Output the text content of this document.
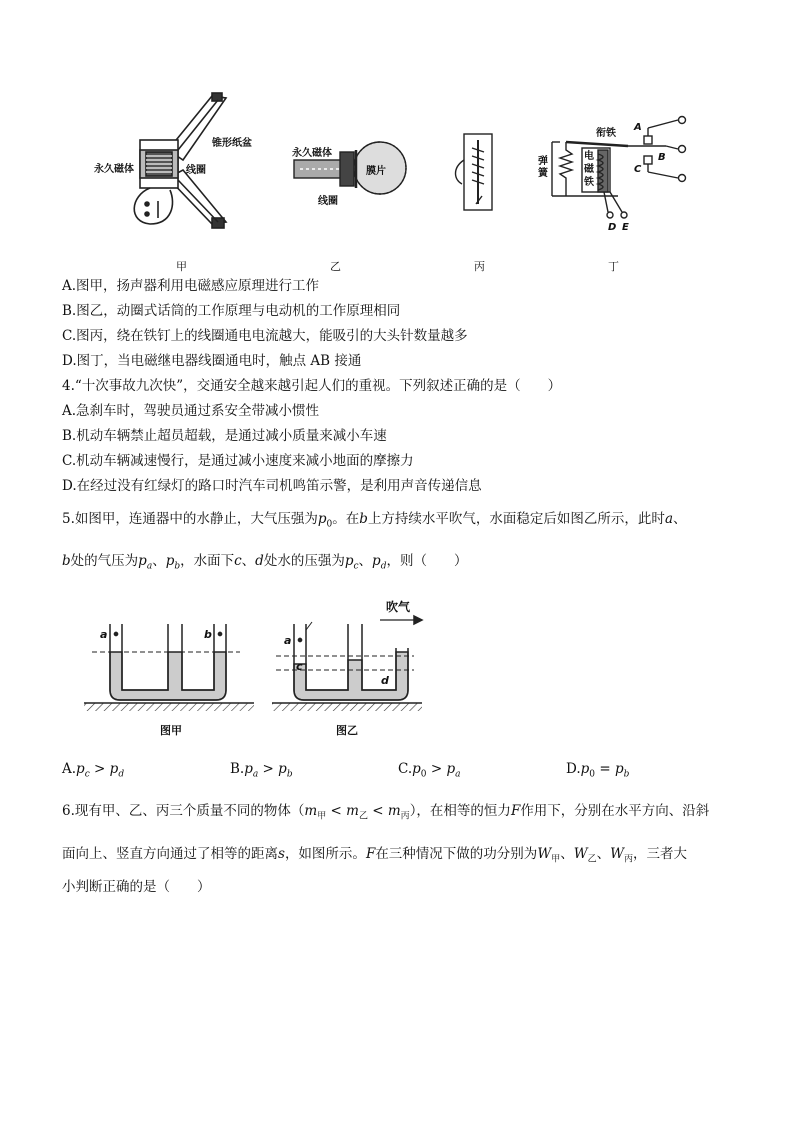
锥形纸盆
永久磁体	线圈
永久磁体
膜片
线圈
衔铁
弹簧
电磁铁
A
B
C
D E
甲	乙	丙	丁
A.图甲，扬声器利用电磁感应原理进行工作
B.图乙，动圈式话筒的工作原理与电动机的工作原理相同
C.图丙，绕在铁钉上的线圈通电电流越大，能吸引的大头针数量越多
D.图丁，当电磁继电器线圈通电时，触点 AB 接通
4.“十次事故九次快”，交通安全越来越引起人们的重视。下列叙述正确的是（　　）
A.急刹车时，驾驶员通过系安全带减小惯性
B.机动车辆禁止超员超载，是通过减小质量来减小车速
C.机动车辆减速慢行，是通过减小速度来减小地面的摩擦力
D.在经过没有红绿灯的路口时汽车司机鸣笛示警，是利用声音传递信息
5.如图甲，连通器中的水静止，大气压强为$p_0$。在b上方持续水平吹气，水面稳定后如图乙所示，此时a、
b处的气压为$p_a$、$p_b$，水面下c、d处水的压强为$p_c$、$p_d$，则（　　）
吹气
a	b	a
c
d
图甲	图乙
$A.p_c > p_d$	$B.p_a > p_b$	$C.p_0 > p_a$	$D.p_0 = p_b$
6.现有甲、乙、丙三个质量不同的物体$(m_甲 < m_乙 < m_丙)$，在相等的恒力F作用下，分别在水平方向、沿斜
面向上、竖直方向通过了相等的距离s，如图所示。F在三种情况下做的功分别为$W_甲$、$W_乙$、$W_丙$，三者大
小判断正确的是（　　）
